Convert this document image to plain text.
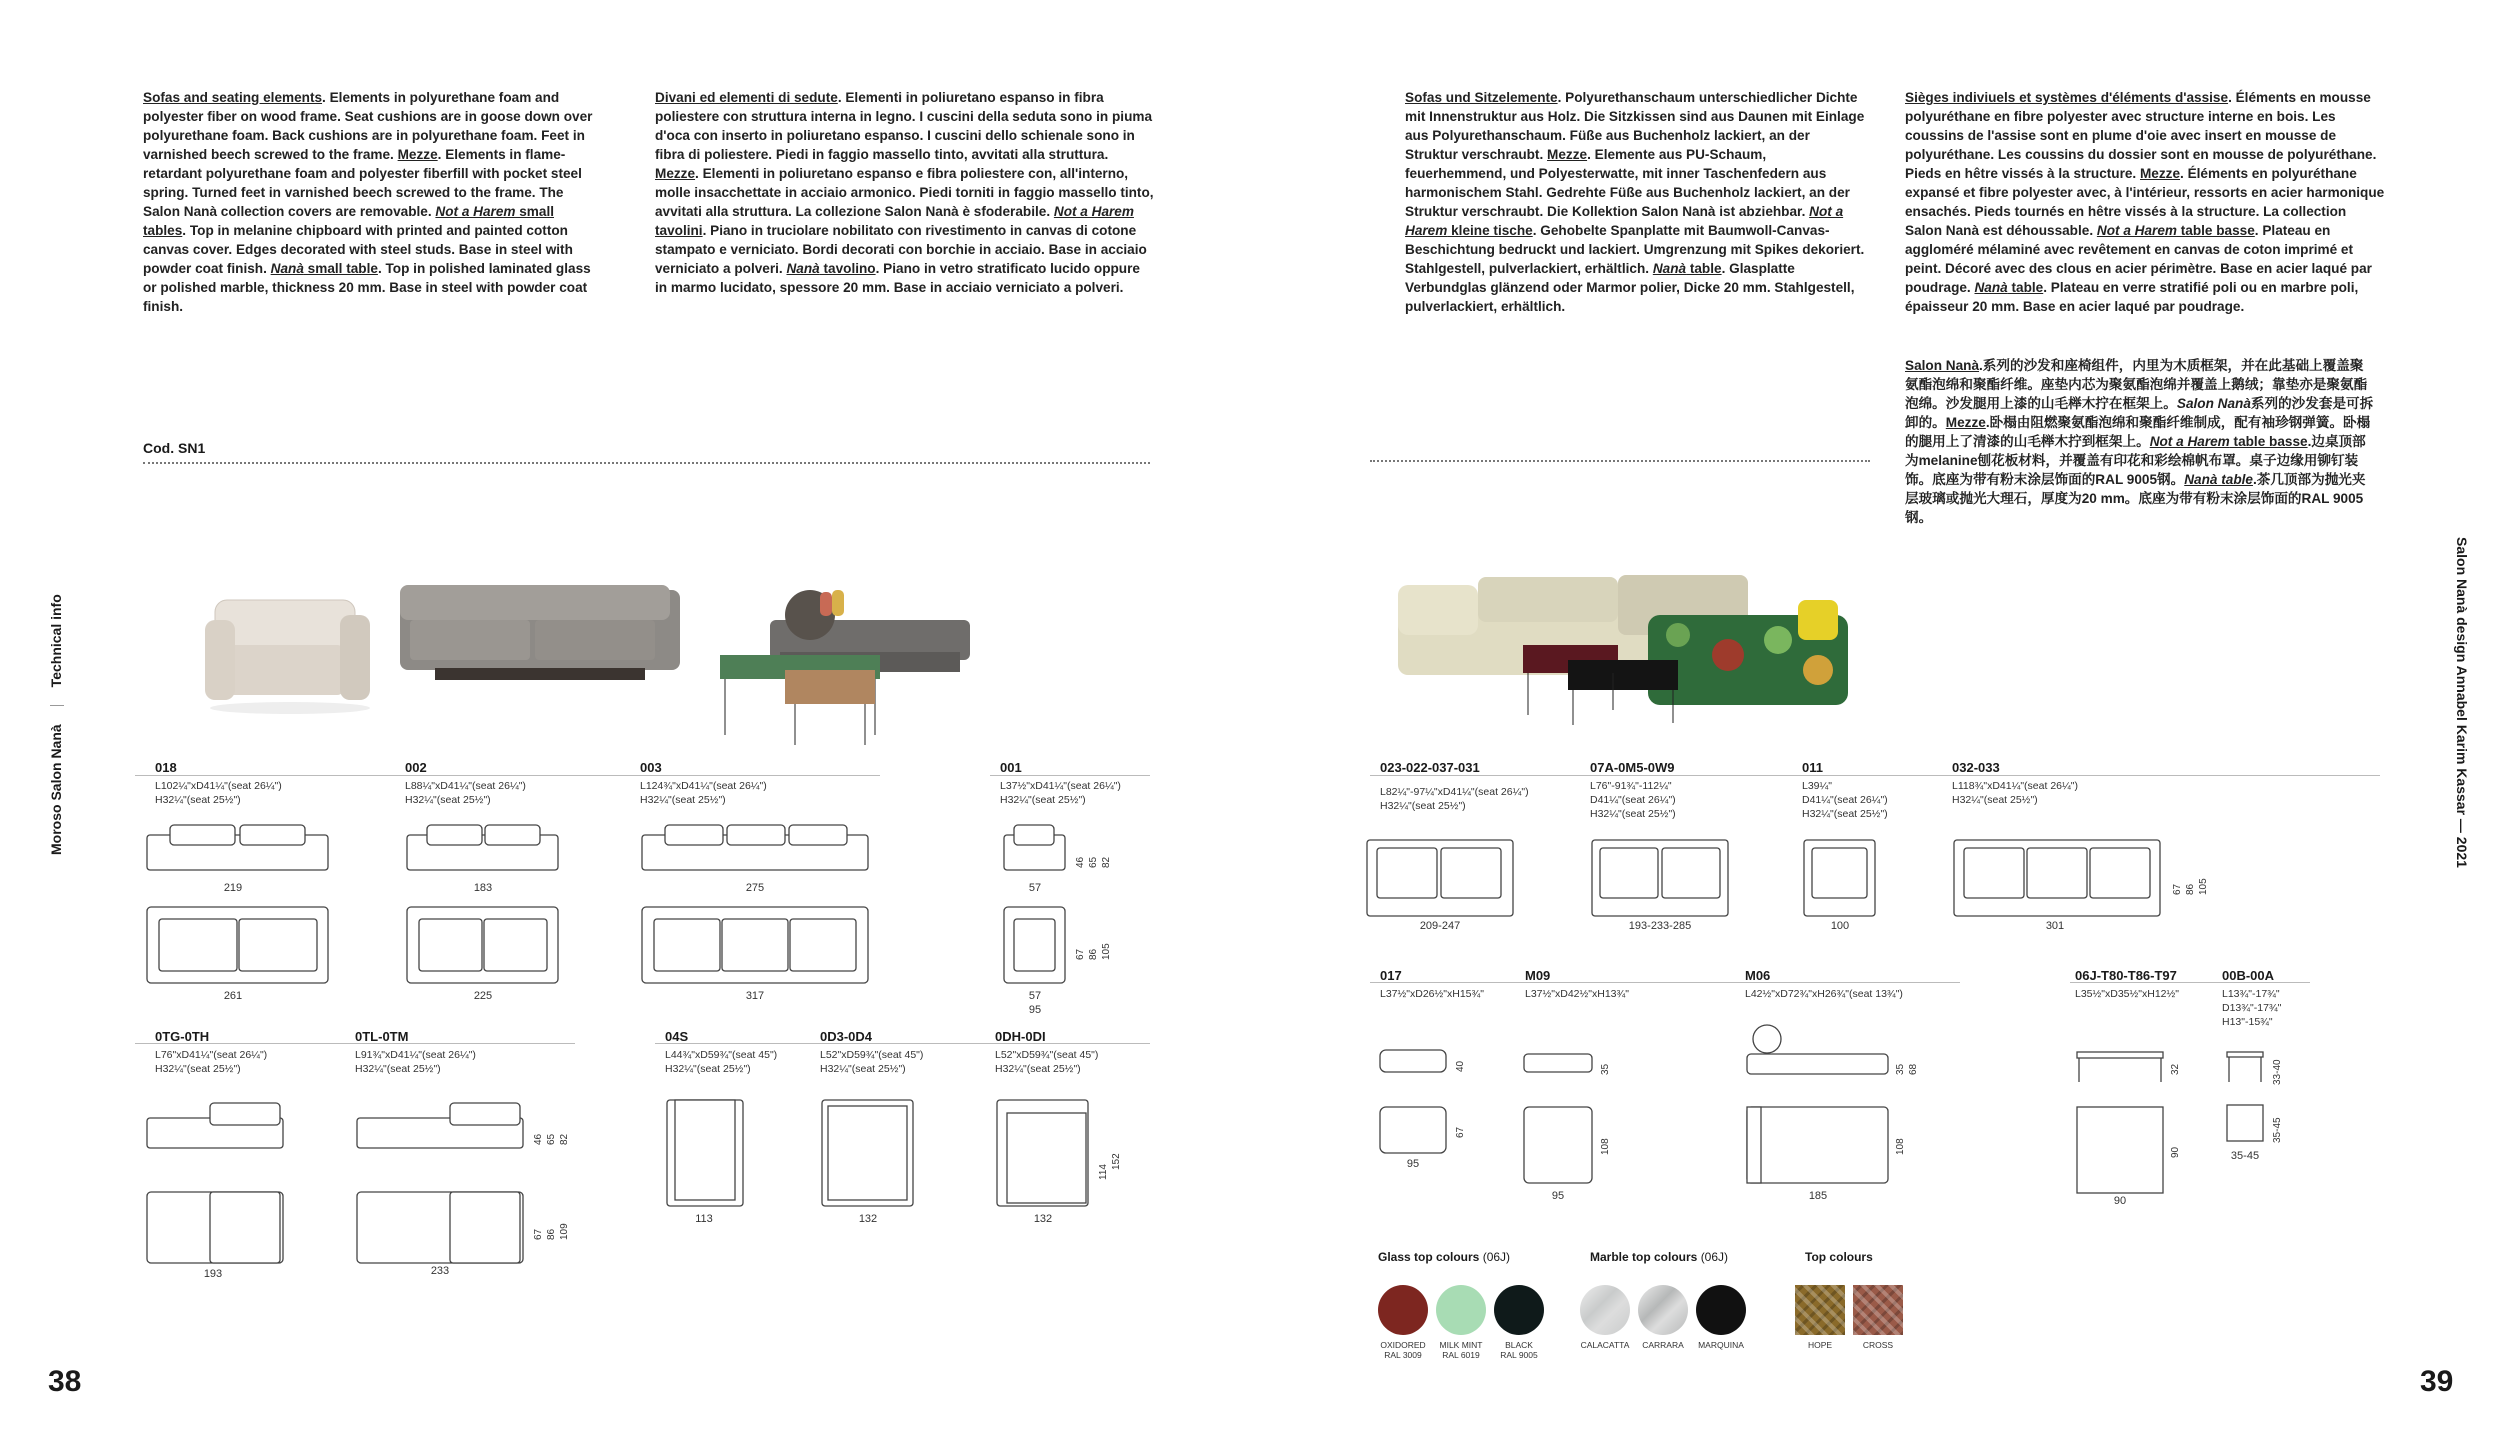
Sofas and seating elements. Elements in polyurethane foam and polyester fiber on wood frame. Seat cushions are in goose down over polyurethane foam. Back cushions are in polyurethane foam. Feet in varnished beech screwed to the frame. Mezze. Elements in flame-retardant polyurethane foam and polyester fiberfill with pocket steel spring. Turned feet in varnished beech screwed to the frame. The Salon Nanà collection covers are removable. Not a Harem small tables. Top in melanine chipboard with printed and painted cotton canvas cover. Edges decorated with steel studs. Base in steel with powder coat finish. Nanà small table. Top in polished laminated glass or polished marble, thickness 20 mm. Base in steel with powder coat finish.

Divani ed elementi di sedute. Elementi in poliuretano espanso in fibra poliestere con struttura interna in legno. I cuscini della seduta sono in piuma d'oca con inserto in poliuretano espanso. I cuscini dello schienale sono in fibra di poliestere. Piedi in faggio massello tinto, avvitati alla struttura. Mezze. Elementi in poliuretano espanso e fibra poliestere con, all'interno, molle insacchettate in acciaio armonico. Piedi torniti in faggio massello tinto, avvitati alla struttura. La collezione Salon Nanà è sfoderabile. Not a Harem tavolini. Piano in truciolare nobilitato con rivestimento in canvas di cotone stampato e verniciato. Bordi decorati con borchie in acciaio. Base in acciaio verniciato a polveri. Nanà tavolino. Piano in vetro stratificato lucido oppure in marmo lucidato, spessore 20 mm. Base in acciaio verniciato a polveri.

Sofas und Sitzelemente. Polyurethanschaum unterschiedlicher Dichte mit Innenstruktur aus Holz. Die Sitzkissen sind aus Daunen mit Einlage aus Polyurethanschaum. Füße aus Buchenholz lackiert, an der Struktur verschraubt. Mezze. Elemente aus PU-Schaum, feuerhemmend, und Polyesterwatte, mit inner Taschenfedern aus harmonischem Stahl. Gedrehte Füße aus Buchenholz lackiert, an der Struktur verschraubt. Die Kollektion Salon Nanà ist abziehbar. Not a Harem kleine tische. Gehobelte Spanplatte mit Baumwoll-Canvas-Beschichtung bedruckt und lackiert. Umgrenzung mit Spikes dekoriert. Stahlgestell, pulverlackiert, erhältlich. Nanà table. Glasplatte Verbundglas glänzend oder Marmor polier, Dicke 20 mm. Stahlgestell, pulverlackiert, erhältlich.

Sièges indiviuels et systèmes d'éléments d'assise. Éléments en mousse polyuréthane en fibre polyester avec structure interne en bois. Les coussins de l'assise sont en plume d'oie avec insert en mousse de polyuréthane. Les coussins du dossier sont en mousse de polyuréthane. Pieds en hêtre vissés à la structure. Mezze. Éléments en polyuréthane expansé et fibre polyester avec, à l'intérieur, ressorts en acier harmonique ensachés. Pieds tournés en hêtre vissés à la structure. La collection Salon Nanà est déhoussable. Not a Harem table basse. Plateau en aggloméré mélaminé avec revêtement en canvas de coton imprimé et peint. Décoré avec des clous en acier périmètre. Base en acier laqué par poudrage. Nanà table. Plateau en verre stratifié poli ou en marbre poli, épaisseur 20 mm. Base en acier laqué par poudrage.

Salon Nanà.系列的沙发和座椅组件，内里为木质框架，并在此基础上覆盖聚氨酯泡绵和聚酯纤维。座垫内芯为聚氨酯泡绵并覆盖上鹅绒；靠垫亦是聚氨酯泡绵。沙发腿用上漆的山毛榉木拧在框架上。Salon Nanà系列的沙发套是可拆卸的。Mezze.卧榻由阻燃聚氨酯泡绵和聚酯纤维制成，配有袖珍钢弹簧。卧榻的腿用上了清漆的山毛榉木拧到框架上。Not a Harem table basse.边桌顶部为melanine刨花板材料，并覆盖有印花和彩绘棉帆布罩。桌子边缘用铆钉装饰。底座为带有粉末涂层饰面的RAL 9005钢。Nanà table.茶几顶部为抛光夹层玻璃或抛光大理石，厚度为20 mm。底座为带有粉末涂层饰面的RAL 9005钢。

Cod. SN1
Moroso Salon NanàTechnical info	Salon Nanà design Annabel Karim Kassar — 2021
38	39
018
L102¼"xD41¼"(seat 26¼")
H32¼"(seat 25½")
002
L88¼"xD41¼"(seat 26¼")
H32¼"(seat 25½")
003
L124¾"xD41¼"(seat 26¼")
H32¼"(seat 25½")
001
L37½"xD41¼"(seat 26¼")
H32¼"(seat 25½")
219	183	275	57
46 65 82
261	225	317	57
95
67 86 105
0TG-0TH
L76"xD41¼"(seat 26¼")
H32¼"(seat 25½")
0TL-0TM
L91¾"xD41¼"(seat 26¼")
H32¼"(seat 25½")
04S
L44¾"xD59¾"(seat 45")
H32¼"(seat 25½")
0D3-0D4
L52"xD59¾"(seat 45")
H32¼"(seat 25½")
0DH-0DI
L52"xD59¾"(seat 45")
H32¼"(seat 25½")
193	233
46 65 82
67 86 109
113	132	132
114
152
023-022-037-031
L82¼"-97¼"xD41¼"(seat 26¼")
H32¼"(seat 25½")
07A-0M5-0W9
L76"-91¾"-112¼"
D41¼"(seat 26¼")
H32¼"(seat 25½")
011
L39¼"
D41¼"(seat 26¼")
H32¼"(seat 25½")
032-033
L118¾"xD41¼"(seat 26¼")
H32¼"(seat 25½")
209-247	193-233-285	100	301
67 86 105
017
L37½"xD26½"xH15¾"
M09
L37½"xD42½"xH13¾"
M06
L42½"xD72¾"xH26¾"(seat 13¾")
06J-T80-T86-T97
L35½"xD35½"xH12½"
00B-00A
L13¾"-17¾"
D13¾"-17¾"
H13"-15¾"
40
67
95
35
108
95
35 68
108
185
32
90
90
33-40
35-45
35-45
Glass top colours (06J)	Marble top colours (06J)	Top colours
OXIDORED
RAL 3009
MILK MINT
RAL 6019
BLACK
RAL 9005
CALACATTA	CARRARA	MARQUINA	HOPE	CROSS
